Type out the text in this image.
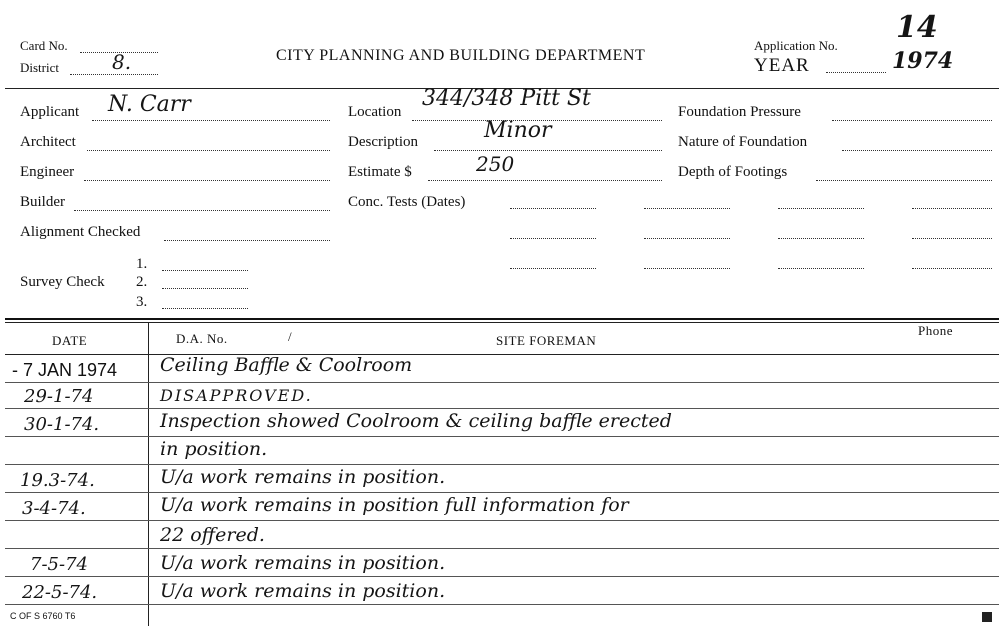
Card No.
District	8.	CITY PLANNING AND BUILDING DEPARTMENT
Application No.
YEAR
14
1974
Applicant N. Carr
Architect
Engineer
Builder
Alignment Checked
Survey Check
1.
2.
3.
Location
344/348 Pitt St
Description	Minor
Estimate $	250
Conc. Tests (Dates)
Foundation Pressure
Nature of Foundation
Depth of Footings
DATE	D.A. No.	/	SITE FOREMAN
Phone
- 7 JAN 1974 Ceiling Baffle & Coolroom
29-1-74	DISAPPROVED.
30-1-74.	Inspection showed Coolroom & ceiling baffle erected
in position.
19.3-74.	U/a work remains in position.
3-4-74.	U/a work remains in position full information for
22 offered.
7-5-74	U/a work remains in position.
22-5-74.	U/a work remains in position.
C OF S 6760 T6
